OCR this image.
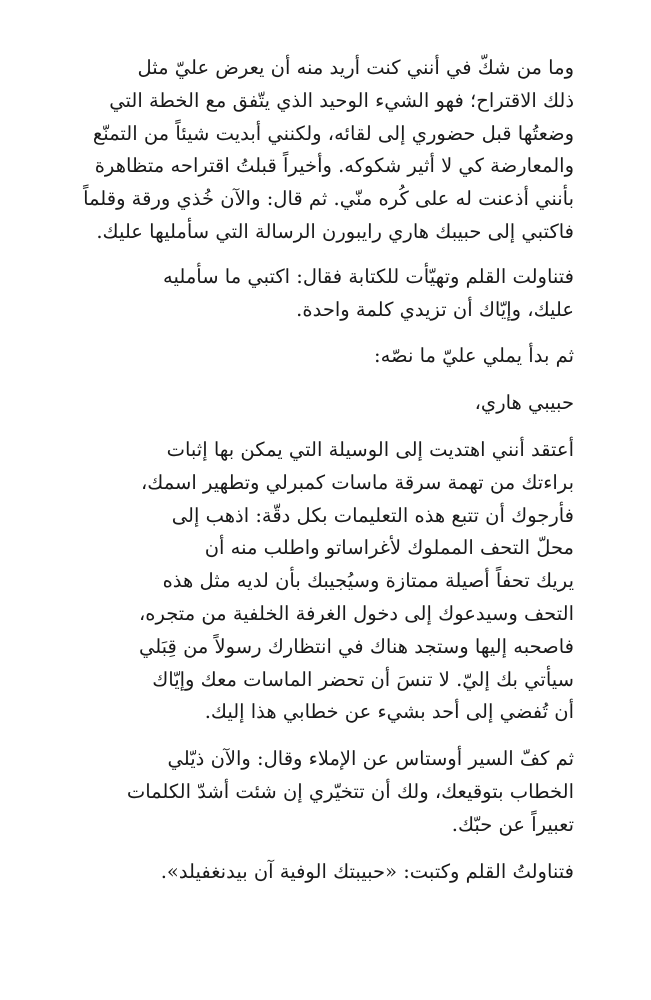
وما من شكّ في أنني كنت أريد منه أن يعرض عليّ مثل
ذلك الاقتراح؛ فهو الشيء الوحيد الذي يتّفق مع الخطة التي
وضعتُها قبل حضوري إلى لقائه، ولكنني أبديت شيئاً من التمنّع
والمعارضة كي لا أثير شكوكه. وأخيراً قبلتُ اقتراحه متظاهرة
بأنني أذعنت له على كُره منّي. ثم قال: والآن خُذي ورقة وقلماً
فاكتبي إلى حبيبك هاري رايبورن الرسالة التي سأمليها عليك.
فتناولت القلم وتهيّأت للكتابة فقال: اكتبي ما سأمليه
عليك، وإيّاك أن تزيدي كلمة واحدة.
ثم بدأ يملي عليّ ما نصّه:
حبيبي هاري،
أعتقد أنني اهتديت إلى الوسيلة التي يمكن بها إثبات
براءتك من تهمة سرقة ماسات كمبرلي وتطهير اسمك،
فأرجوك أن تتبع هذه التعليمات بكل دقّة: اذهب إلى
محلّ التحف المملوك لأغراساتو واطلب منه أن
يريك تحفاً أصيلة ممتازة وسيُجيبك بأن لديه مثل هذه
التحف وسيدعوك إلى دخول الغرفة الخلفية من متجره،
فاصحبه إليها وستجد هناك في انتظارك رسولاً من قِبَلي
سيأتي بك إليّ. لا تنسَ أن تحضر الماسات معك وإيّاك
أن تُفضي إلى أحد بشيء عن خطابي هذا إليك.
ثم كفّ السير أوستاس عن الإملاء وقال: والآن ذيّلي
الخطاب بتوقيعك، ولك أن تتخيّري إن شئت أشدّ الكلمات
تعبيراً عن حبّك.
فتناولتُ القلم وكتبت: «حبيبتك الوفية آن بيدنغفيلد».
